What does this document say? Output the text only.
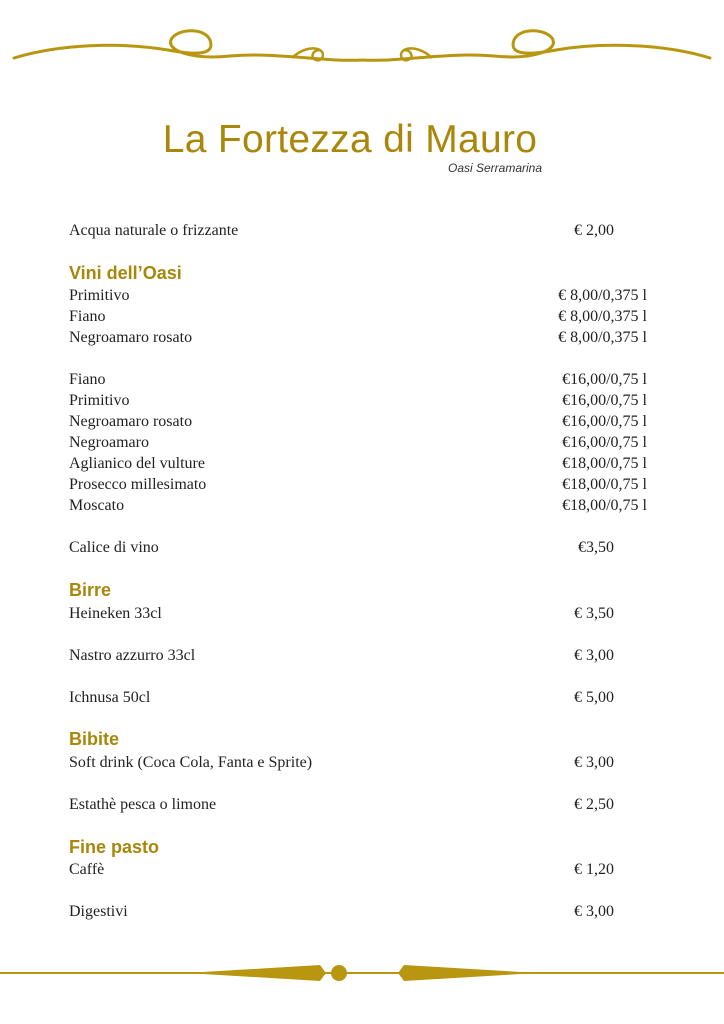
La Fortezza di Mauro
Oasi Serramarina
Acqua naturale o frizzante	€ 2,00
Vini dell’Oasi
Primitivo	€ 8,00/0,375 l
Fiano	€ 8,00/0,375 l
Negroamaro rosato	€ 8,00/0,375 l
Fiano	€16,00/0,75 l
Primitivo	€16,00/0,75 l
Negroamaro rosato	€16,00/0,75 l
Negroamaro	€16,00/0,75 l
Aglianico del vulture	€18,00/0,75 l
Prosecco millesimato	€18,00/0,75 l
Moscato	€18,00/0,75 l
Calice di vino	€3,50
Birre
Heineken 33cl	€ 3,50
Nastro azzurro 33cl	€ 3,00
Ichnusa 50cl	€ 5,00
Bibite
Soft drink (Coca Cola, Fanta e Sprite)	€ 3,00
Estathè pesca o limone	€ 2,50
Fine pasto
Caffè	€ 1,20
Digestivi	€ 3,00
